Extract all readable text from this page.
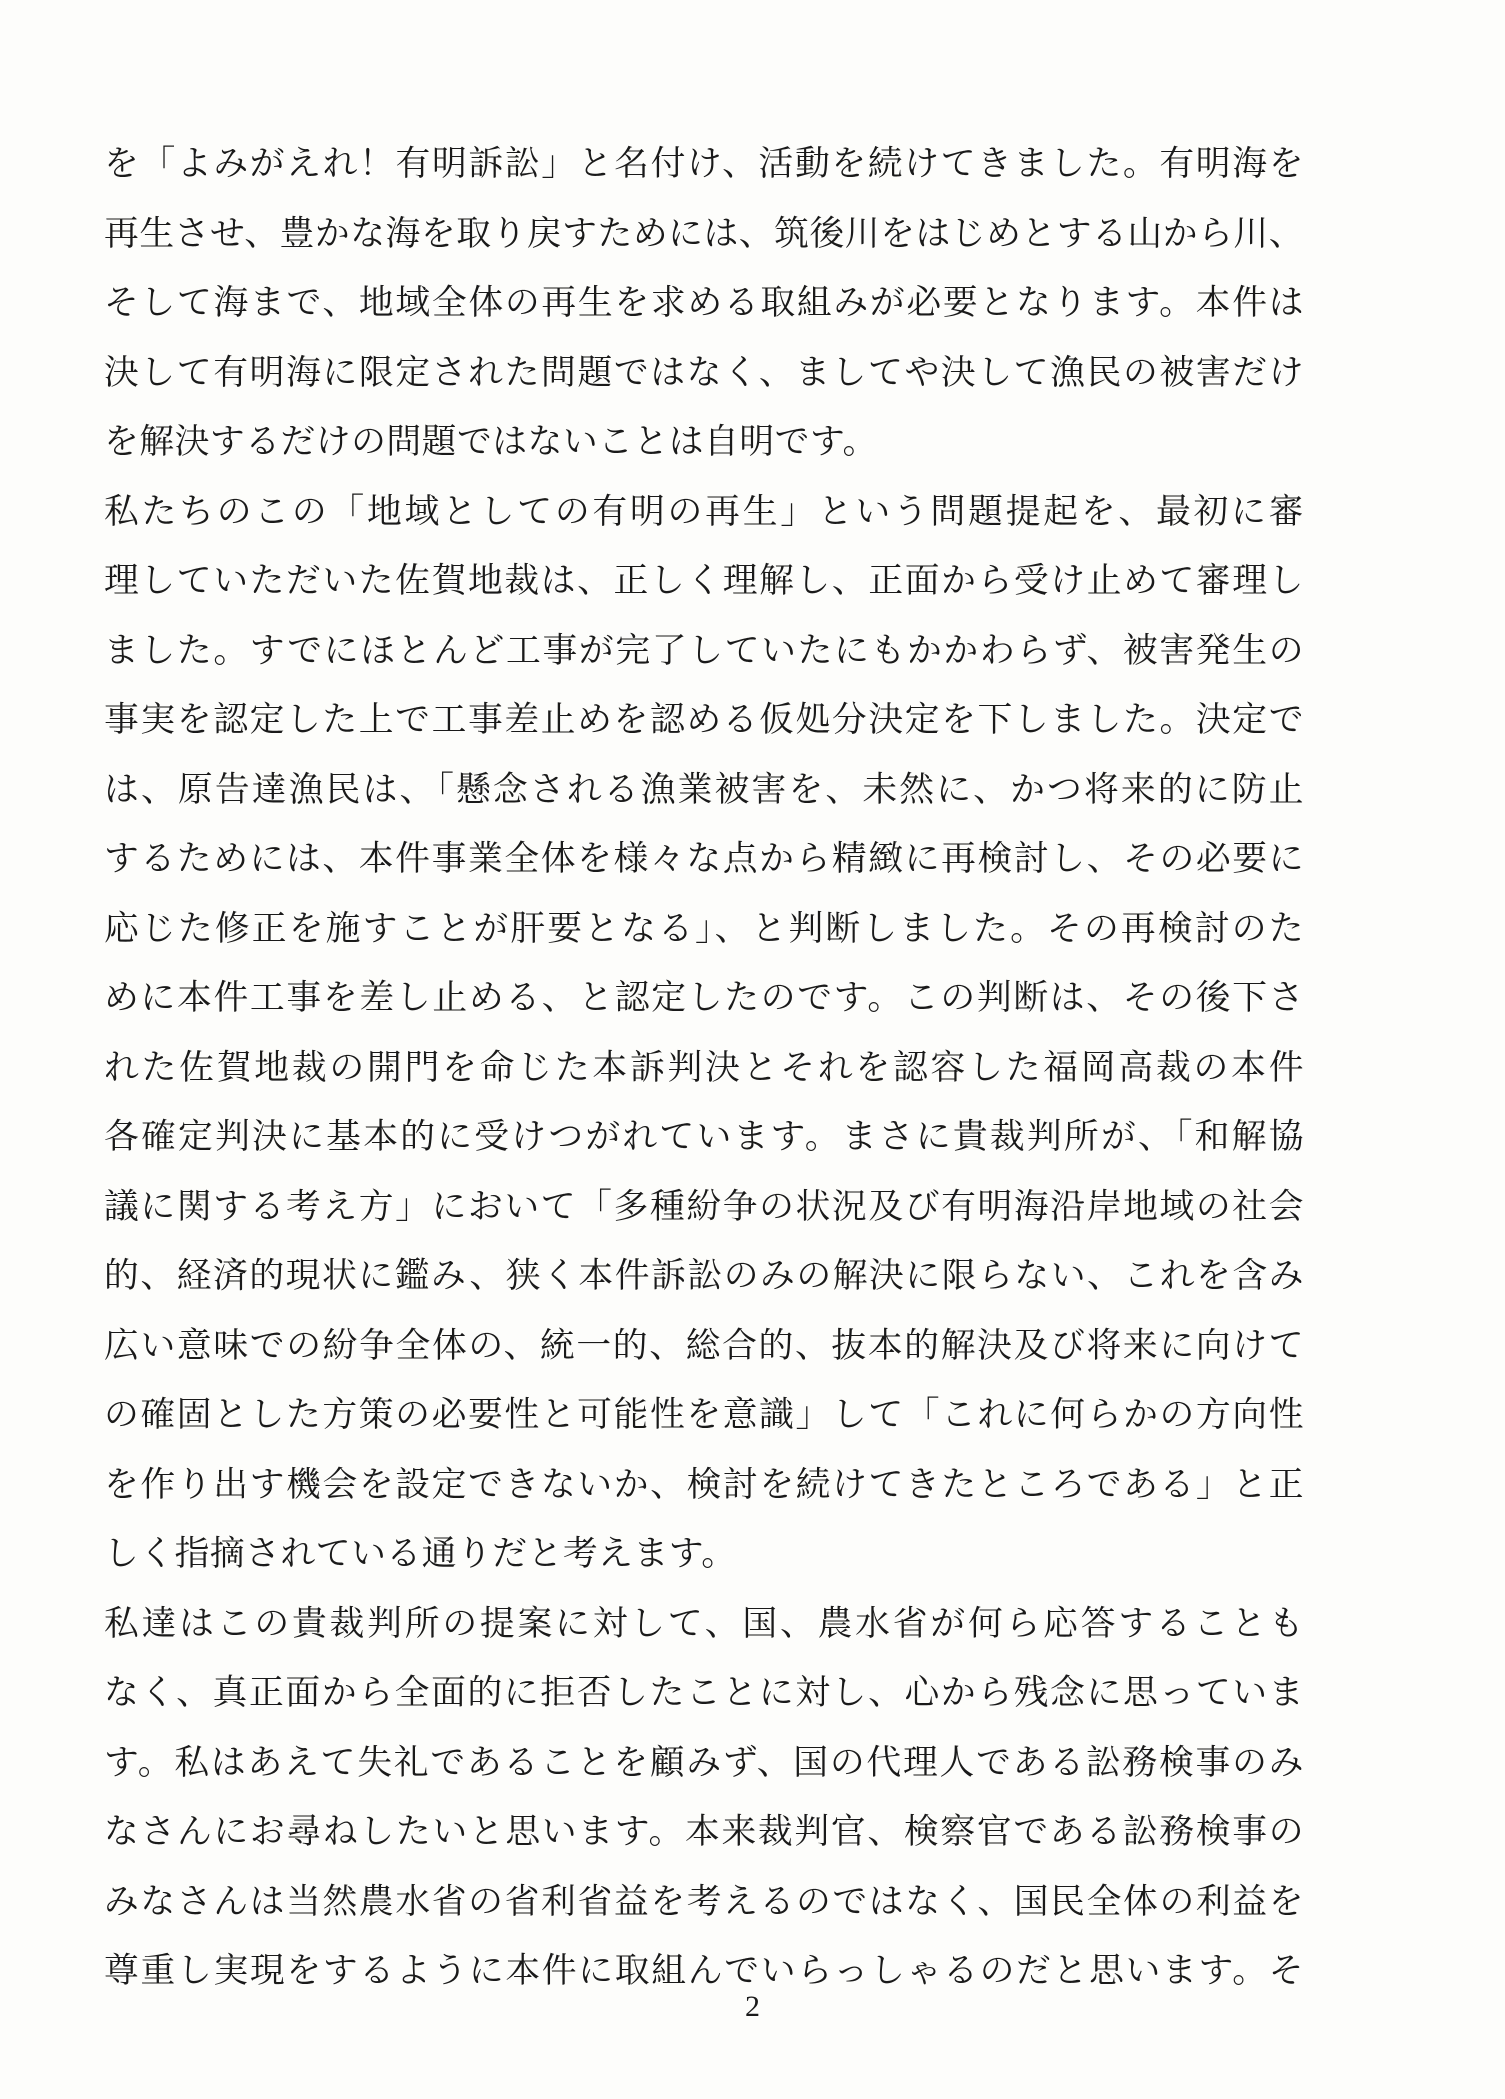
を「よみがえれ！有明訴訟」と名付け、活動を続けてきました。有明海を
再生させ、豊かな海を取り戻すためには、筑後川をはじめとする山から川、
そして海まで、地域全体の再生を求める取組みが必要となります。本件は
決して有明海に限定された問題ではなく、ましてや決して漁民の被害だけ
を解決するだけの問題ではないことは自明です。
私たちのこの「地域としての有明の再生」という問題提起を、最初に審
理していただいた佐賀地裁は、正しく理解し、正面から受け止めて審理し
ました。すでにほとんど工事が完了していたにもかかわらず、被害発生の
事実を認定した上で工事差止めを認める仮処分決定を下しました。決定で
は、原告達漁民は、「懸念される漁業被害を、未然に、かつ将来的に防止
するためには、本件事業全体を様々な点から精緻に再検討し、その必要に
応じた修正を施すことが肝要となる」、と判断しました。その再検討のた
めに本件工事を差し止める、と認定したのです。この判断は、その後下さ
れた佐賀地裁の開門を命じた本訴判決とそれを認容した福岡高裁の本件
各確定判決に基本的に受けつがれています。まさに貴裁判所が、「和解協
議に関する考え方」において「多種紛争の状況及び有明海沿岸地域の社会
的、経済的現状に鑑み、狭く本件訴訟のみの解決に限らない、これを含み
広い意味での紛争全体の、統一的、総合的、抜本的解決及び将来に向けて
の確固とした方策の必要性と可能性を意識」して「これに何らかの方向性
を作り出す機会を設定できないか、検討を続けてきたところである」と正
しく指摘されている通りだと考えます。
私達はこの貴裁判所の提案に対して、国、農水省が何ら応答することも
なく、真正面から全面的に拒否したことに対し、心から残念に思っていま
す。私はあえて失礼であることを顧みず、国の代理人である訟務検事のみ
なさんにお尋ねしたいと思います。本来裁判官、検察官である訟務検事の
みなさんは当然農水省の省利省益を考えるのではなく、国民全体の利益を
尊重し実現をするように本件に取組んでいらっしゃるのだと思います。そ
2
